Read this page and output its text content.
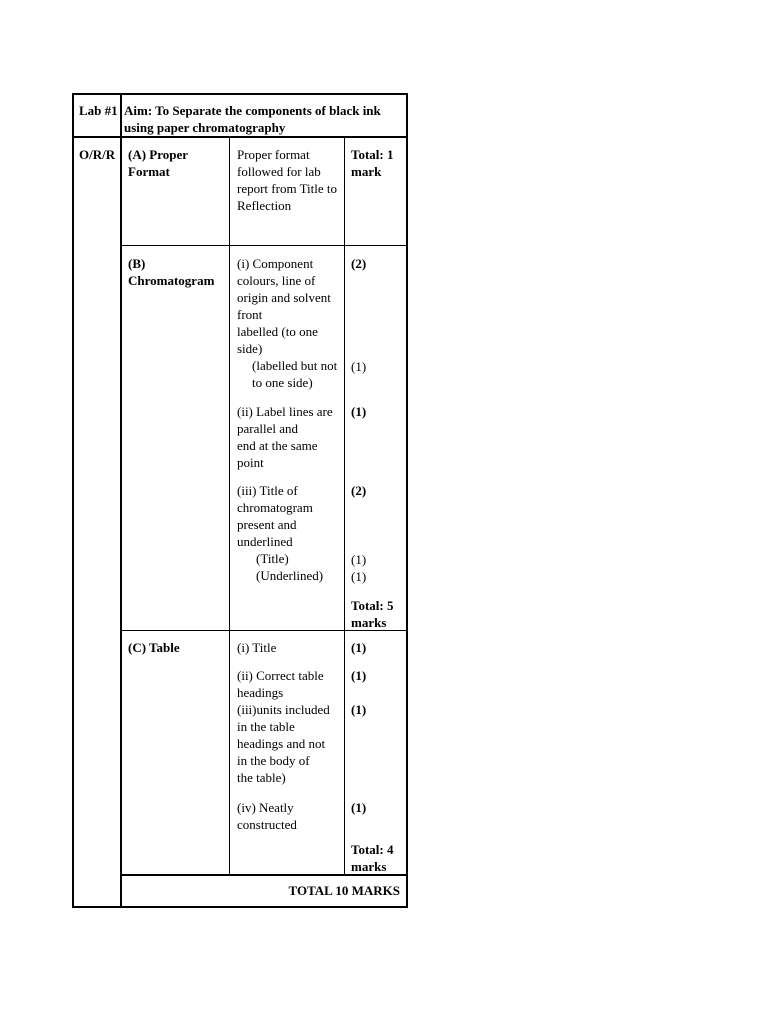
Lab #1 Aim: To Separate the components of black ink
using paper chromatography
O/R/R (A) Proper
Format
Proper format
followed for lab
report from Title to
Reflection
Total: 1
mark
(B)
Chromatogram
(i) Component
colours, line of
origin and solvent
front
labelled (to one
side)
(labelled but not
to one side)
(2)
(1)
(ii) Label lines are
parallel and
end at the same
point
(1)
(iii) Title of
chromatogram
present and
underlined
(Title)
(Underlined)
(2)
(1)
(1)
Total: 5
marks
(C) Table	(i) Title	(1)
(ii) Correct table
headings
(1)
(iii)units included
in the table
headings and not
in the body of
the table)
(1)
(iv) Neatly
constructed
(1)
Total: 4
marks
TOTAL 10 MARKS
